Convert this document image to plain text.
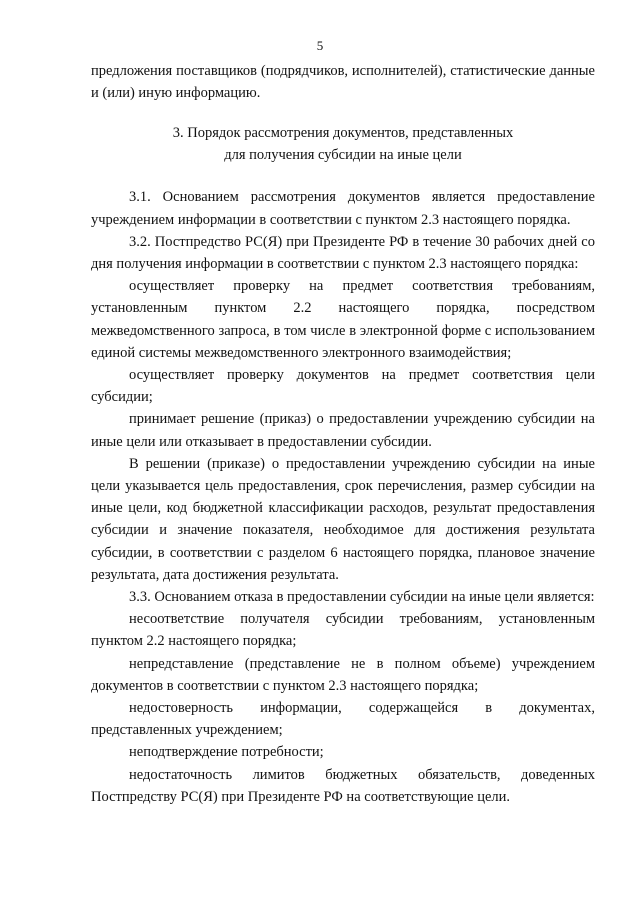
5

предложения поставщиков (подрядчиков, исполнителей), статистические данные и (или) иную информацию.

3. Порядок рассмотрения документов, представленных
для получения субсидии на иные цели

3.1. Основанием рассмотрения документов является предоставление учреждением информации в соответствии с пунктом 2.3 настоящего порядка.

3.2. Постпредство РС(Я) при Президенте РФ в течение 30 рабочих дней со дня получения информации в соответствии с пунктом 2.3 настоящего порядка:

осуществляет проверку на предмет соответствия требованиям, установленным пунктом 2.2 настоящего порядка, посредством межведомственного запроса, в том числе в электронной форме с использованием единой системы межведомственного электронного взаимодействия;

осуществляет проверку документов на предмет соответствия цели субсидии;

принимает решение (приказ) о предоставлении учреждению субсидии на иные цели или отказывает в предоставлении субсидии.

В решении (приказе) о предоставлении учреждению субсидии на иные цели указывается цель предоставления, срок перечисления, размер субсидии на иные цели, код бюджетной классификации расходов, результат предоставления субсидии и значение показателя, необходимое для достижения результата субсидии, в соответствии с разделом 6 настоящего порядка, плановое значение результата, дата достижения результата.

3.3. Основанием отказа в предоставлении субсидии на иные цели является:

несоответствие получателя субсидии требованиям, установленным пунктом 2.2 настоящего порядка;

непредставление (представление не в полном объеме) учреждением документов в соответствии с пунктом 2.3 настоящего порядка;

недостоверность информации, содержащейся в документах, представленных учреждением;

неподтверждение потребности;

недостаточность лимитов бюджетных обязательств, доведенных Постпредству РС(Я) при Президенте РФ на соответствующие цели.
